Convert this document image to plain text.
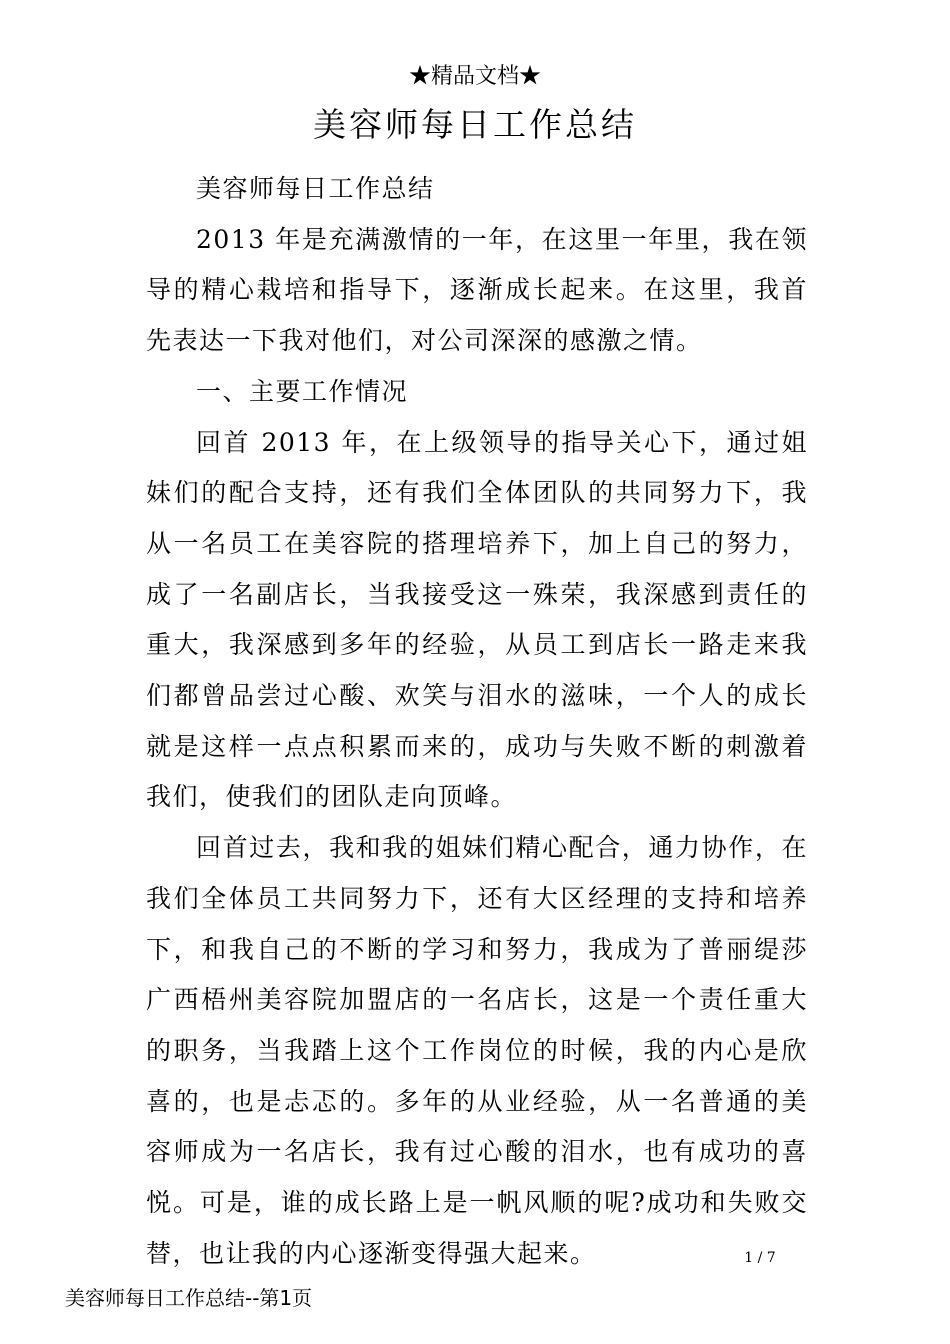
★精品文档★
美容师每日工作总结

美容师每日工作总结

2013 年是充满激情的一年，在这里一年里，我在领导的精心栽培和指导下，逐渐成长起来。在这里，我首先表达一下我对他们，对公司深深的感激之情。

一、主要工作情况

回首 2013 年，在上级领导的指导关心下，通过姐妹们的配合支持，还有我们全体团队的共同努力下，我从一名员工在美容院的搭理培养下，加上自己的努力，成了一名副店长，当我接受这一殊荣，我深感到责任的重大，我深感到多年的经验，从员工到店长一路走来我们都曾品尝过心酸、欢笑与泪水的滋味，一个人的成长就是这样一点点积累而来的，成功与失败不断的刺激着我们，使我们的团队走向顶峰。

回首过去，我和我的姐妹们精心配合，通力协作，在我们全体员工共同努力下，还有大区经理的支持和培养下，和我自己的不断的学习和努力，我成为了普丽缇莎广西梧州美容院加盟店的一名店长，这是一个责任重大的职务，当我踏上这个工作岗位的时候，我的内心是欣喜的，也是忐忑的。多年的从业经验，从一名普通的美容师成为一名店长，我有过心酸的泪水，也有成功的喜悦。可是，谁的成长路上是一帆风顺的呢?成功和失败交替，也让我的内心逐渐变得强大起来。	1 / 7
美容师每日工作总结--第1页
